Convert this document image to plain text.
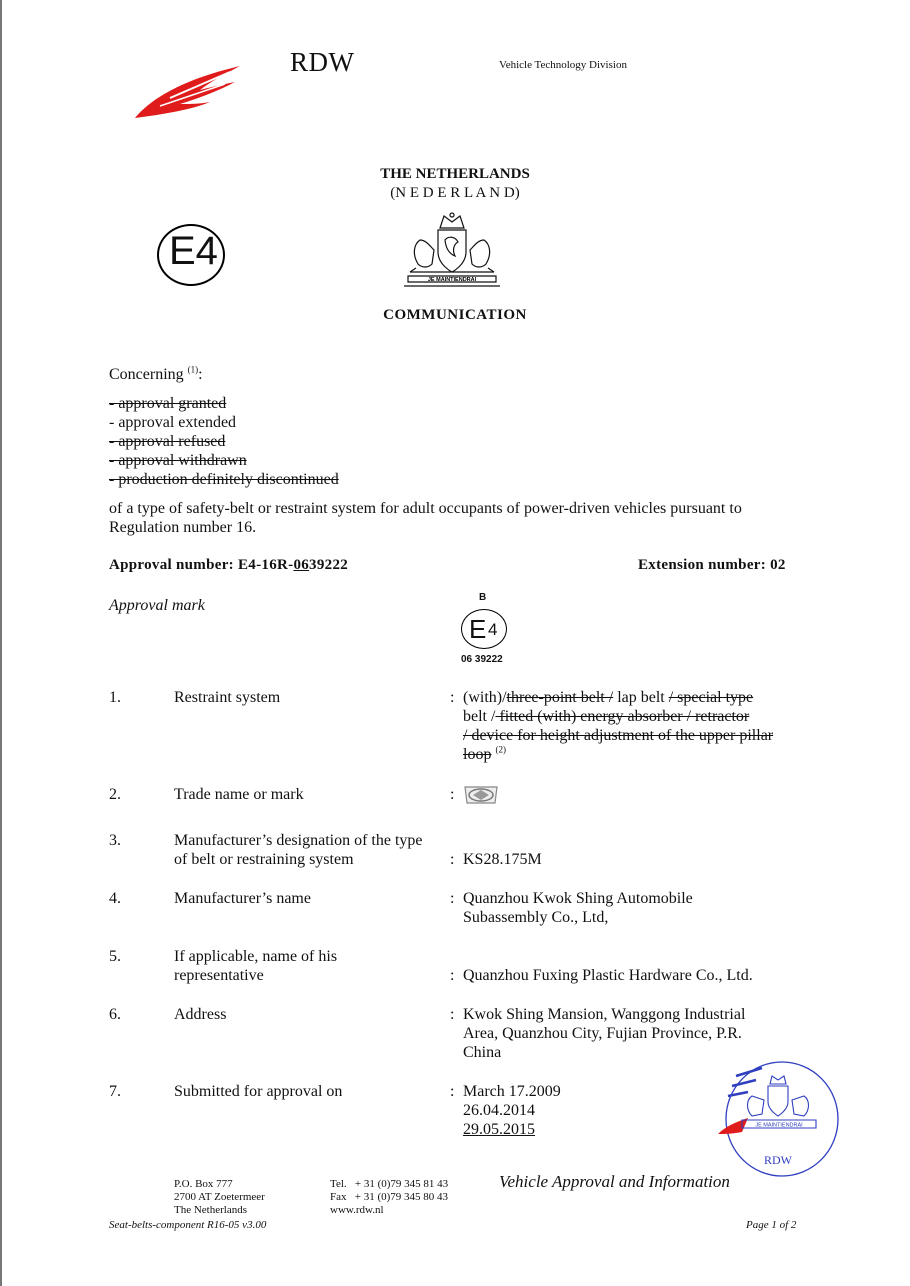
RDW	Vehicle Technology Division
THE NETHERLANDS
(N E D E R L A N D)
E4
JE MAINTIENDRAI
COMMUNICATION
Concerning $^{(1)}$:
- approval granted
- approval extended
- approval refused
- approval withdrawn
- production definitely discontinued
of a type of safety-belt or restraint system for adult occupants of power-driven vehicles pursuant to
Regulation number 16.
Approval number: E4-16R-0639222	Extension number: 02
Approval mark	B
E 4
06 39222
1.	Restraint system	: (with)/three-point belt / lap belt / special type
belt / fitted (with) energy absorber / retractor
/ device for height adjustment of the upper pillar
loop $^{(2)}$
2.	Trade name or mark	:
3.	Manufacturer’s designation of the type
of belt or restraining system	: KS28.175M
4.	Manufacturer’s name	: Quanzhou Kwok Shing Automobile
Subassembly Co., Ltd,
5.	If applicable, name of his
representative	: Quanzhou Fuxing Plastic Hardware Co., Ltd.
6.	Address	: Kwok Shing Mansion, Wanggong Industrial
Area, Quanzhou City, Fujian Province, P.R.
China
7.	Submitted for approval on	: March 17.2009
26.04.2014
29.05.2015	JE MAINTIENDRAI
RDW
P.O. Box 777
2700 AT Zoetermeer
The Netherlands
Tel.   + 31 (0)79 345 81 43
Fax   + 31 (0)79 345 80 43
www.rdw.nl
Vehicle Approval and Information
Seat-belts-component R16-05 v3.00	Page 1 of 2
